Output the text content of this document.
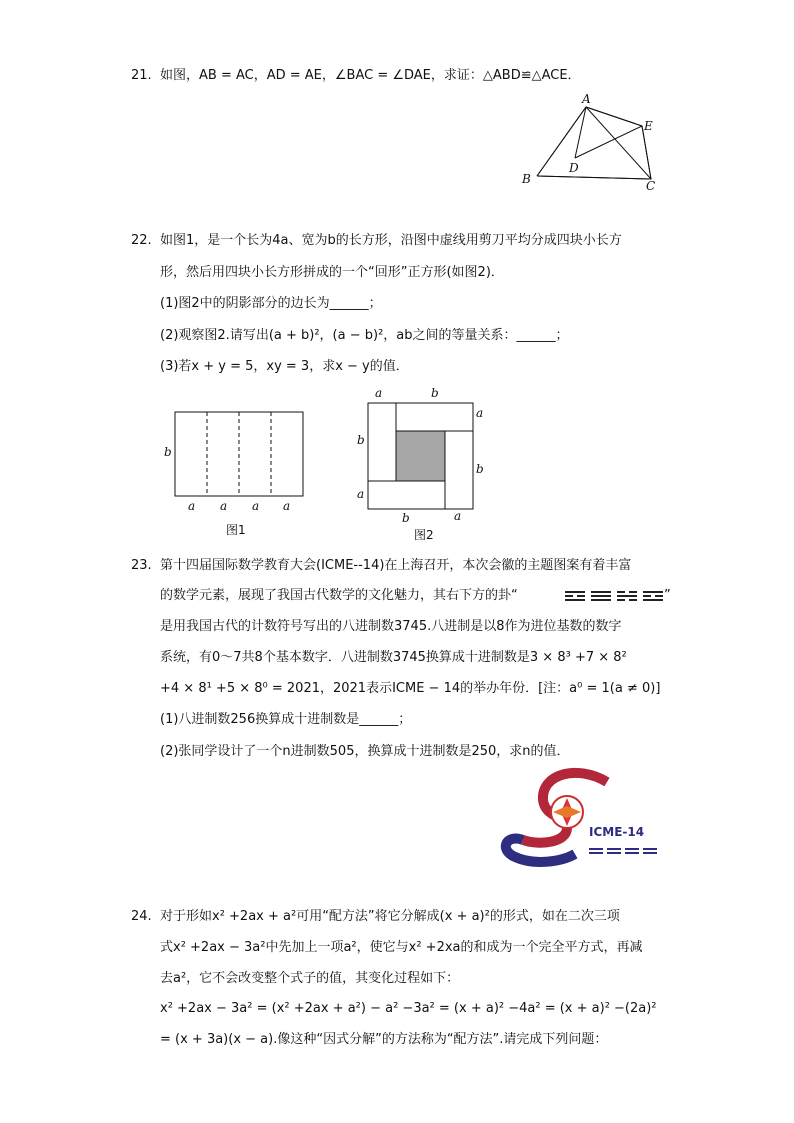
21. 如图，AB = AC，AD = AE，∠BAC = ∠DAE，求证：△ABD≌△ACE．
A
E
D
B	C
22. 如图1，是一个长为4a、宽为b的长方形，沿图中虚线用剪刀平均分成四块小长方
形，然后用四块小长方形拼成的一个“回形”正方形(如图2)．
(1)图2中的阴影部分的边长为______；
(2)观察图2.请写出(a + b)²，(a − b)²，ab之间的等量关系：______；
(3)若x + y = 5，xy = 3，求x − y的值．
b
a a a a
图1
a	b
a
b
b
a
b	a
图2
23. 第十四届国际数学教育大会(ICME--14)在上海召开，本次会徽的主题图案有着丰富
的数学元素，展现了我国古代数学的文化魅力，其右下方的卦“	”
是用我国古代的计数符号写出的八进制数3745.八进制是以8作为进位基数的数字
系统，有0～7共8个基本数字．八进制数3745换算成十进制数是3 × 8³ +7 × 8²
+4 × 8¹ +5 × 8⁰ = 2021，2021表示ICME − 14的举办年份．[注：a⁰ = 1(a ≠ 0)]
(1)八进制数256换算成十进制数是______；
(2)张同学设计了一个n进制数505，换算成十进制数是250，求n的值．
ICME-14
24. 对于形如x² +2ax + a²可用“配方法”将它分解成(x + a)²的形式，如在二次三项
式x² +2ax − 3a²中先加上一项a²，使它与x² +2xa的和成为一个完全平方式，再减
去a²，它不会改变整个式子的值，其变化过程如下：
x² +2ax − 3a² = (x² +2ax + a²) − a² −3a² = (x + a)² −4a² = (x + a)² −(2a)²
= (x + 3a)(x − a).像这种“因式分解”的方法称为“配方法”.请完成下列问题：
